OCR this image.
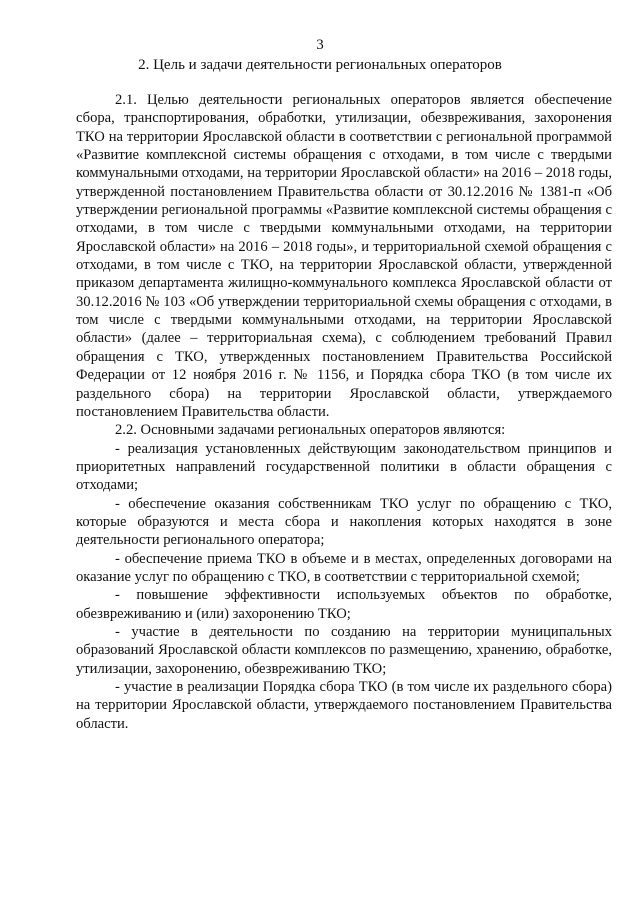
3
2. Цель и задачи деятельности региональных операторов

2.1. Целью деятельности региональных операторов является обеспечение сбора, транспортирования, обработки, утилизации, обезвреживания, захоронения ТКО на территории Ярославской области в соответствии с региональной программой «Развитие комплексной системы обращения с отходами, в том числе с твердыми коммунальными отходами, на территории Ярославской области» на 2016 – 2018 годы, утвержденной постановлением Правительства области от 30.12.2016 № 1381-п «Об утверждении региональной программы «Развитие комплексной системы обращения с отходами, в том числе с твердыми коммунальными отходами, на территории Ярославской области» на 2016 – 2018 годы», и территориальной схемой обращения с отходами, в том числе с ТКО, на территории Ярославской области, утвержденной приказом департамента жилищно-коммунального комплекса Ярославской области от 30.12.2016 № 103 «Об утверждении территориальной схемы обращения с отходами, в том числе с твердыми коммунальными отходами, на территории Ярославской области» (далее – территориальная схема), с соблюдением требований Правил обращения с ТКО, утвержденных постановлением Правительства Российской Федерации от 12 ноября 2016 г. № 1156, и Порядка сбора ТКО (в том числе их раздельного сбора) на территории Ярославской области, утверждаемого постановлением Правительства области.

2.2. Основными задачами региональных операторов являются:

- реализация установленных действующим законодательством принципов и приоритетных направлений государственной политики в области обращения с отходами;

- обеспечение оказания собственникам ТКО услуг по обращению с ТКО, которые образуются и места сбора и накопления которых находятся в зоне деятельности регионального оператора;

- обеспечение приема ТКО в объеме и в местах, определенных договорами на оказание услуг по обращению с ТКО, в соответствии с территориальной схемой;

- повышение эффективности используемых объектов по обработке, обезвреживанию и (или) захоронению ТКО;

- участие в деятельности по созданию на территории муниципальных образований Ярославской области комплексов по размещению, хранению, обработке, утилизации, захоронению, обезвреживанию ТКО;

- участие в реализации Порядка сбора ТКО (в том числе их раздельного сбора) на территории Ярославской области, утверждаемого постановлением Правительства области.
